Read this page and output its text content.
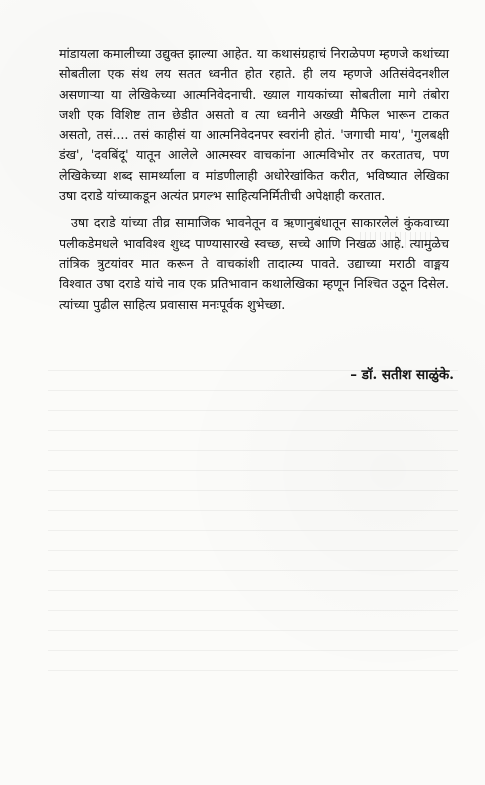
मांडायला कमालीच्या उद्युक्त झाल्या आहेत. या कथासंग्रहाचं निराळेपण म्हणजे कथांच्या सोबतीला एक संथ लय सतत ध्वनीत होत रहाते. ही लय म्हणजे अतिसंवेदनशील असणाऱ्या या लेखिकेच्या आत्मनिवेदनाची. ख्याल गायकांच्या सोबतीला मागे तंबोरा जशी एक विशिष्ट तान छेडीत असतो व त्या ध्वनीने अख्खी मैफिल भारून टाकत असतो, तसं.... तसं काहीसं या आत्मनिवेदनपर स्वरांनी होतं. 'जगाची माय', 'गुलबक्षी डंख', 'दवबिंदू' यातून आलेले आत्मस्वर वाचकांना आत्मविभोर तर करतातच, पण लेखिकेच्या शब्द सामर्थ्याला व मांडणीलाही अधोरेखांकित करीत, भविष्यात लेखिका उषा दराडे यांच्याकडून अत्यंत प्रगल्भ साहित्यनिर्मितीची अपेक्षाही करतात.

उषा दराडे यांच्या तीव्र सामाजिक भावनेतून व ऋणानुबंधातून साकारलेलं कुंकवाच्या पलीकडेमधले भावविश्व शुध्द पाण्यासारखे स्वच्छ, सच्चे आणि निखळ आहे. त्यामुळेच तांत्रिक त्रुटयांवर मात करून ते वाचकांशी तादात्म्य पावते. उद्याच्या मराठी वाङ्मय विश्वात उषा दराडे यांचे नाव एक प्रतिभावान कथालेखिका म्हणून निश्चित उठून दिसेल. त्यांच्या पुढील साहित्य प्रवासास मनःपूर्वक शुभेच्छा.

– डॉ. सतीश साळुंके.
